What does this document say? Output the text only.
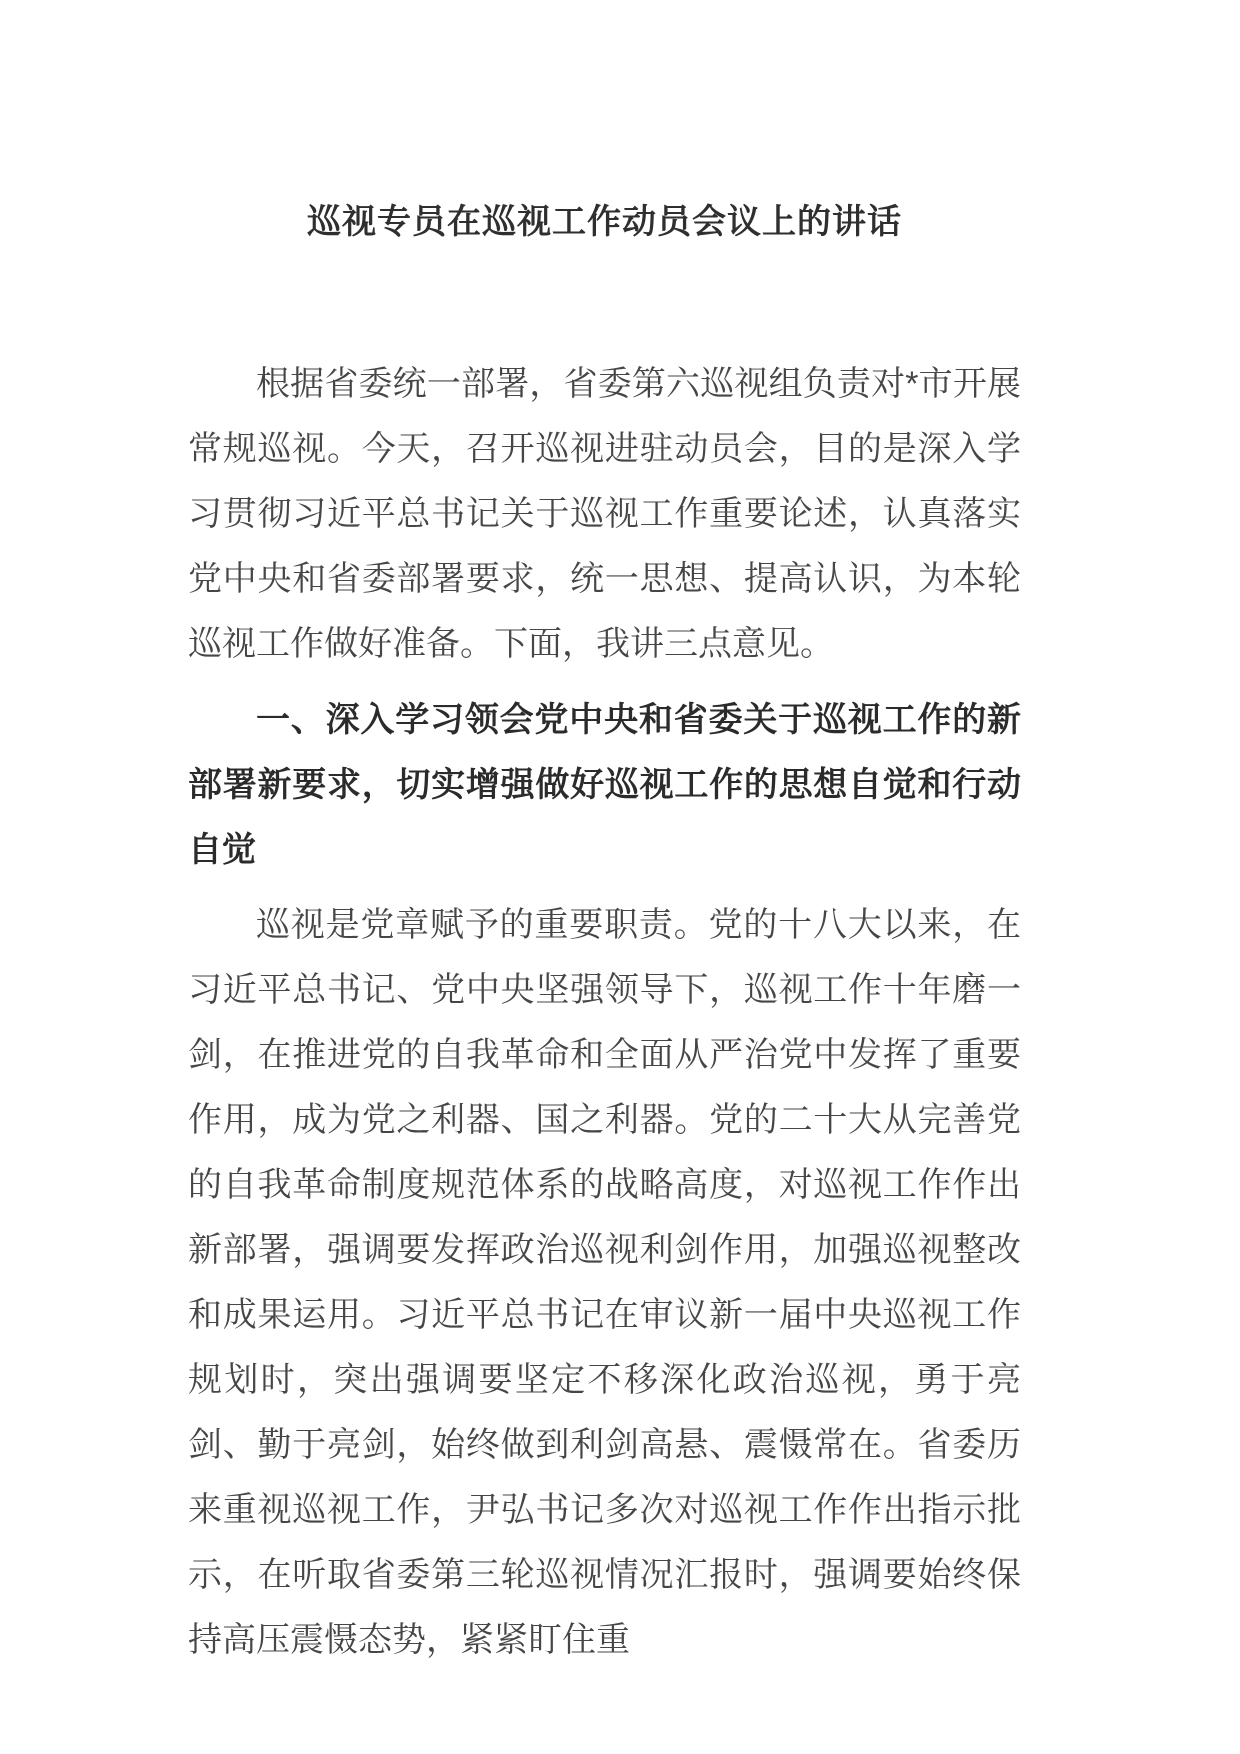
巡视专员在巡视工作动员会议上的讲话

根据省委统一部署，省委第六巡视组负责对*市开展常规巡视。今天，召开巡视进驻动员会，目的是深入学习贯彻习近平总书记关于巡视工作重要论述，认真落实党中央和省委部署要求，统一思想、提高认识，为本轮巡视工作做好准备。下面，我讲三点意见。

一、深入学习领会党中央和省委关于巡视工作的新部署新要求，切实增强做好巡视工作的思想自觉和行动自觉

巡视是党章赋予的重要职责。党的十八大以来，在习近平总书记、党中央坚强领导下，巡视工作十年磨一剑，在推进党的自我革命和全面从严治党中发挥了重要作用，成为党之利器、国之利器。党的二十大从完善党的自我革命制度规范体系的战略高度，对巡视工作作出新部署，强调要发挥政治巡视利剑作用，加强巡视整改和成果运用。习近平总书记在审议新一届中央巡视工作规划时，突出强调要坚定不移深化政治巡视，勇于亮剑、勤于亮剑，始终做到利剑高悬、震慑常在。省委历来重视巡视工作，尹弘书记多次对巡视工作作出指示批示，在听取省委第三轮巡视情况汇报时，强调要始终保持高压震慑态势，紧紧盯住重
